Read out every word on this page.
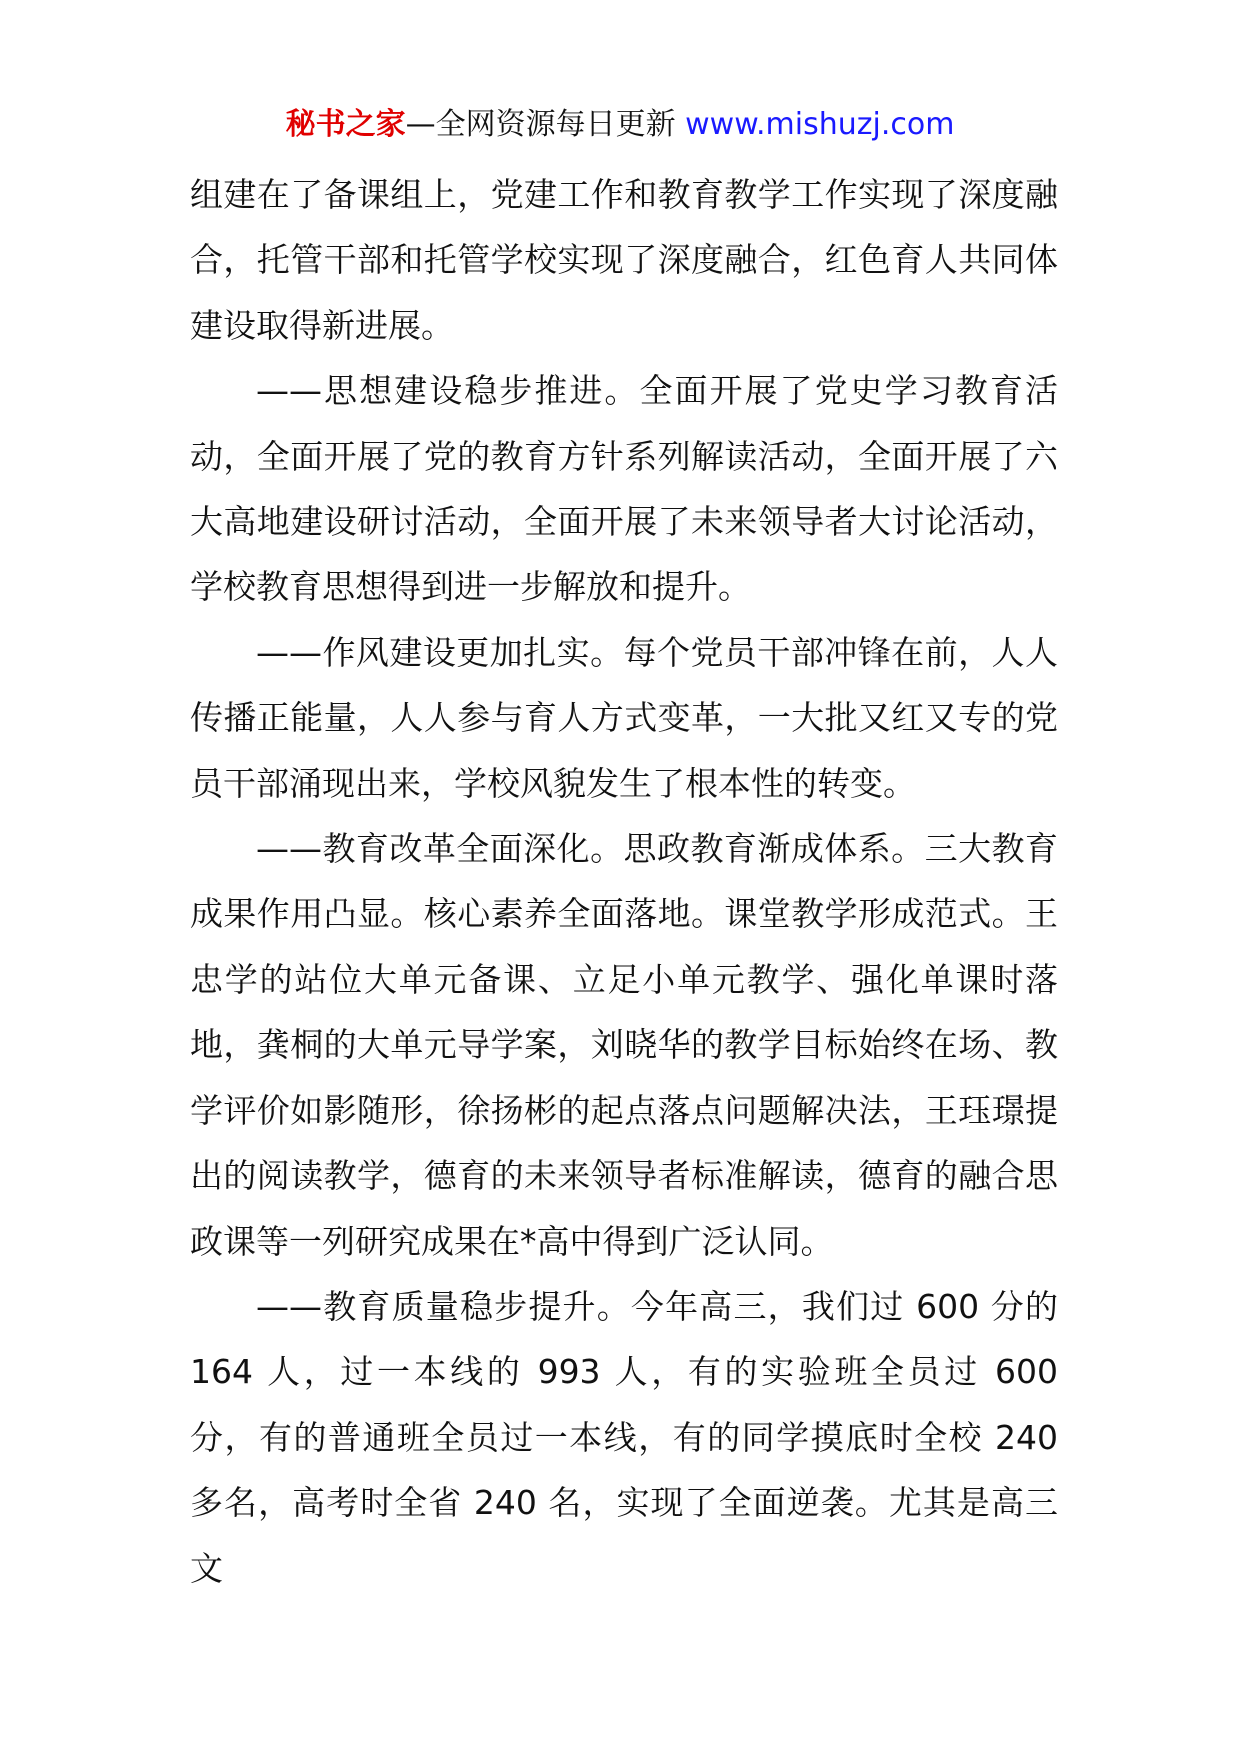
秘书之家—全网资源每日更新 www.mishuzj.com

组建在了备课组上，党建工作和教育教学工作实现了深度融合，托管干部和托管学校实现了深度融合，红色育人共同体建设取得新进展。

——思想建设稳步推进。全面开展了党史学习教育活动，全面开展了党的教育方针系列解读活动，全面开展了六大高地建设研讨活动，全面开展了未来领导者大讨论活动，学校教育思想得到进一步解放和提升。

——作风建设更加扎实。每个党员干部冲锋在前，人人传播正能量，人人参与育人方式变革，一大批又红又专的党员干部涌现出来，学校风貌发生了根本性的转变。

——教育改革全面深化。思政教育渐成体系。三大教育成果作用凸显。核心素养全面落地。课堂教学形成范式。王忠学的站位大单元备课、立足小单元教学、强化单课时落地，龚桐的大单元导学案，刘晓华的教学目标始终在场、教学评价如影随形，徐扬彬的起点落点问题解决法，王珏璟提出的阅读教学，德育的未来领导者标准解读，德育的融合思政课等一列研究成果在*高中得到广泛认同。

——教育质量稳步提升。今年高三，我们过 600 分的 164 人，过一本线的 993 人，有的实验班全员过 600 分，有的普通班全员过一本线，有的同学摸底时全校 240 多名，高考时全省 240 名，实现了全面逆袭。尤其是高三文
